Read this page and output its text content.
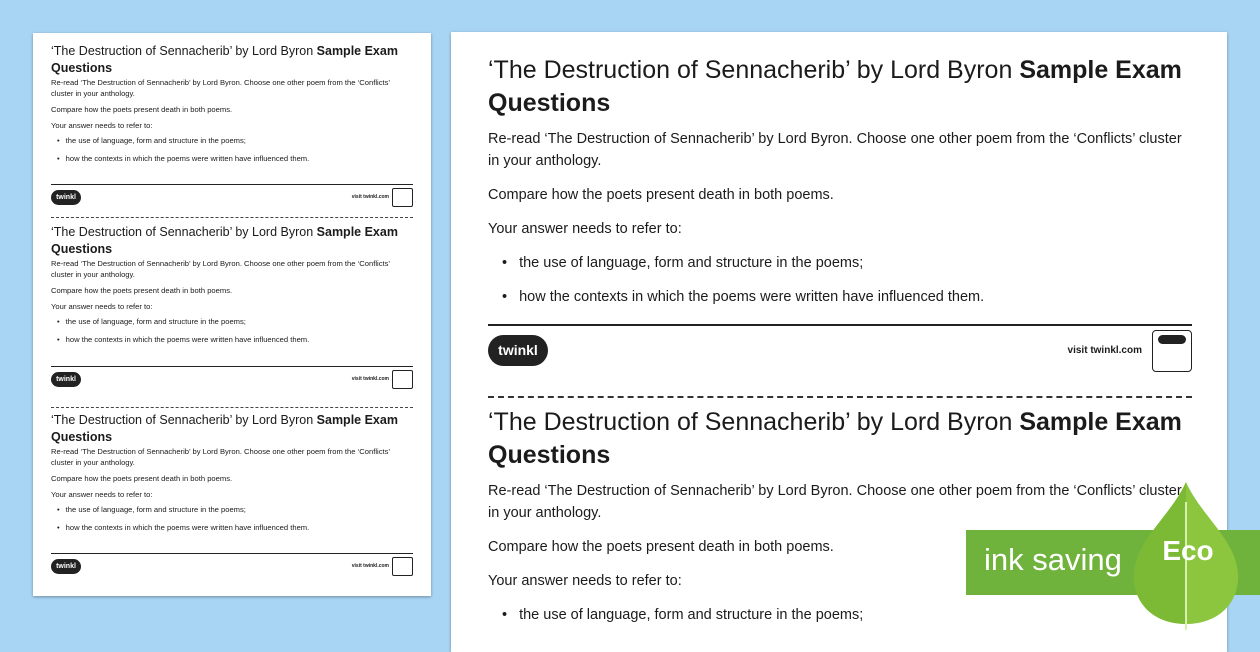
‘The Destruction of Sennacherib’ by Lord Byron Sample Exam Questions

Re-read ‘The Destruction of Sennacherib’ by Lord Byron. Choose one other poem from the ‘Conflicts’ cluster in your anthology.

Compare how the poets present death in both poems.

Your answer needs to refer to:

• the use of language, form and structure in the poems;
• how the contexts in which the poems were written have influenced them.
twinkl	visit twinkl.com
‘The Destruction of Sennacherib’ by Lord Byron Sample Exam Questions

Re-read ‘The Destruction of Sennacherib’ by Lord Byron. Choose one other poem from the ‘Conflicts’ cluster in your anthology.

Compare how the poets present death in both poems.

Your answer needs to refer to:

• the use of language, form and structure in the poems;
• how the contexts in which the poems were written have influenced them.
twinkl	visit twinkl.com
‘The Destruction of Sennacherib’ by Lord Byron Sample Exam Questions

Re-read ‘The Destruction of Sennacherib’ by Lord Byron. Choose one other poem from the ‘Conflicts’ cluster in your anthology.

Compare how the poets present death in both poems.

Your answer needs to refer to:

• the use of language, form and structure in the poems;
• how the contexts in which the poems were written have influenced them.
twinkl	visit twinkl.com
‘The Destruction of Sennacherib’ by Lord Byron Sample Exam Questions

Re-read ‘The Destruction of Sennacherib’ by Lord Byron. Choose one other poem from the ‘Conflicts’ cluster in your anthology.

Compare how the poets present death in both poems.

Your answer needs to refer to:

• the use of language, form and structure in the poems;
• how the contexts in which the poems were written have influenced them.
twinkl	visit twinkl.com
‘The Destruction of Sennacherib’ by Lord Byron Sample Exam Questions

Re-read ‘The Destruction of Sennacherib’ by Lord Byron. Choose one other poem from the ‘Conflicts’ cluster in your anthology.

Compare how the poets present death in both poems.

Your answer needs to refer to:

• the use of language, form and structure in the poems;
ink saving	Eco
